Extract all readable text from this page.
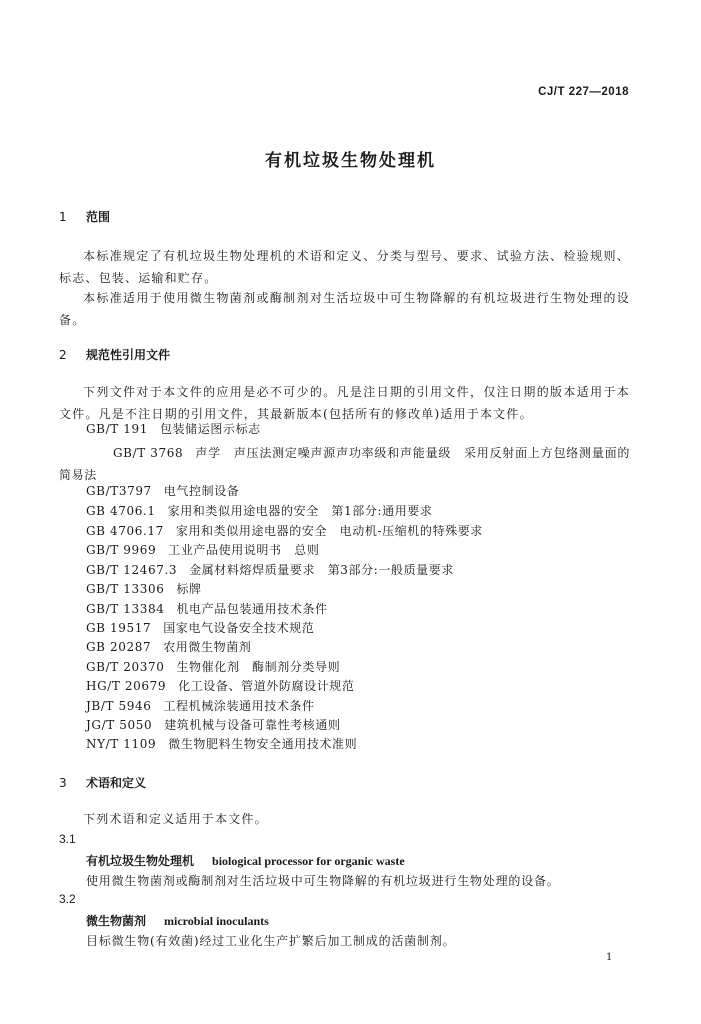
CJ/T 227—2018
有机垃圾生物处理机
1 范围
本标准规定了有机垃圾生物处理机的术语和定义、分类与型号、要求、试验方法、检验规则、标志、包装、运输和贮存。
本标准适用于使用微生物菌剂或酶制剂对生活垃圾中可生物降解的有机垃圾进行生物处理的设备。
2 规范性引用文件
下列文件对于本文件的应用是必不可少的。凡是注日期的引用文件，仅注日期的版本适用于本文件。凡是不注日期的引用文件，其最新版本(包括所有的修改单)适用于本文件。
GB/T 191 包装储运图示标志
GB/T 3768 声学　声压法测定噪声源声功率级和声能量级　采用反射面上方包络测量面的简易法
GB/T3797 电气控制设备
GB 4706.1 家用和类似用途电器的安全　第1部分:通用要求
GB 4706.17 家用和类似用途电器的安全　电动机-压缩机的特殊要求
GB/T 9969 工业产品使用说明书　总则
GB/T 12467.3 金属材料熔焊质量要求　第3部分:一般质量要求
GB/T 13306 标牌
GB/T 13384 机电产品包装通用技术条件
GB 19517 国家电气设备安全技术规范
GB 20287 农用微生物菌剂
GB/T 20370 生物催化剂　酶制剂分类导则
HG/T 20679 化工设备、管道外防腐设计规范
JB/T 5946 工程机械涂装通用技术条件
JG/T 5050 建筑机械与设备可靠性考核通则
NY/T 1109 微生物肥料生物安全通用技术准则
3 术语和定义
下列术语和定义适用于本文件。
3.1
有机垃圾生物处理机 biological processor for organic waste
使用微生物菌剂或酶制剂对生活垃圾中可生物降解的有机垃圾进行生物处理的设备。
3.2
微生物菌剂 microbial inoculants
目标微生物(有效菌)经过工业化生产扩繁后加工制成的活菌制剂。
1
